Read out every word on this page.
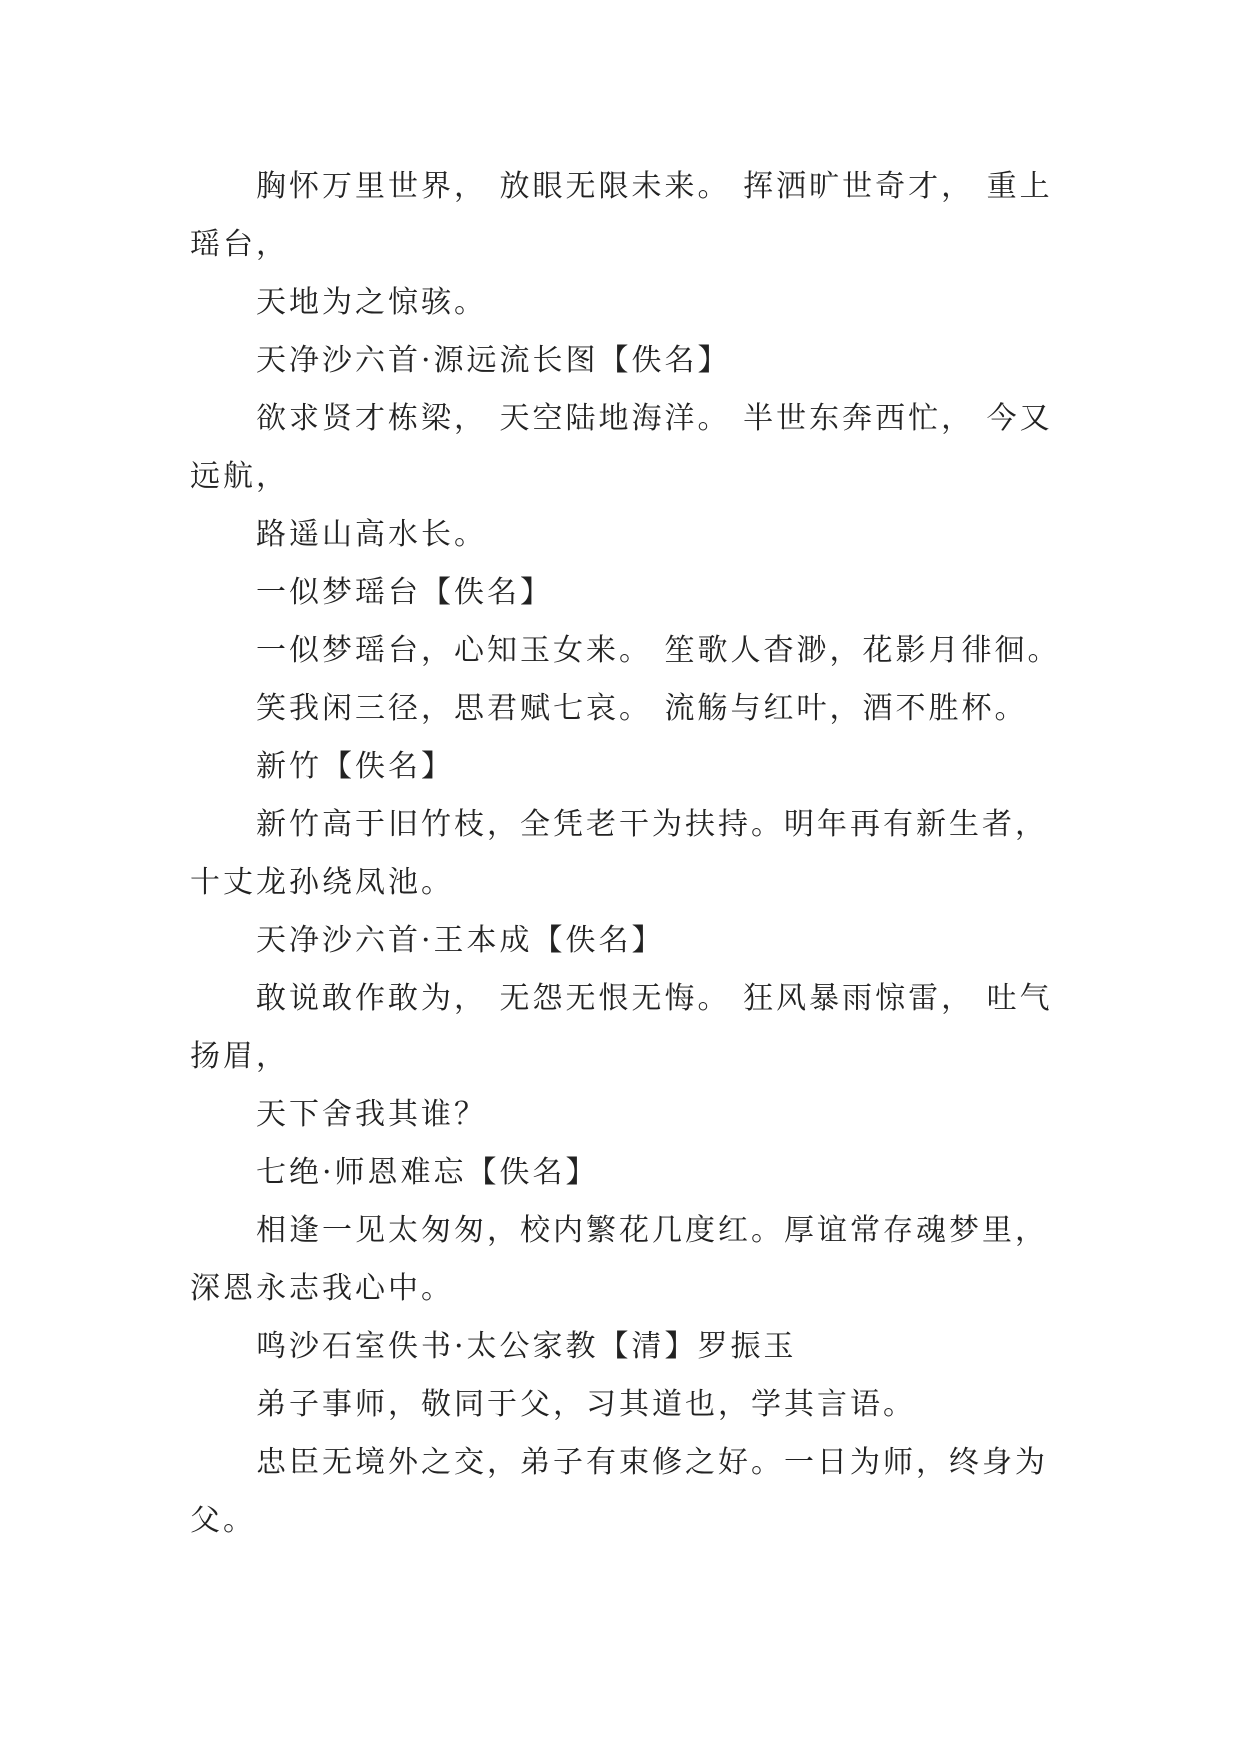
胸怀万里世界， 放眼无限未来。 挥洒旷世奇才， 重上瑶台，

天地为之惊骇。

天净沙六首·源远流长图【佚名】

欲求贤才栋梁， 天空陆地海洋。 半世东奔西忙， 今又远航，

路遥山高水长。

一似梦瑶台【佚名】

一似梦瑶台，心知玉女来。 笙歌人杳渺，花影月徘徊。

笑我闲三径，思君赋七哀。 流觞与红叶，酒不胜杯。

新竹【佚名】

新竹高于旧竹枝，全凭老干为扶持。明年再有新生者，十丈龙孙绕凤池。

天净沙六首·王本成【佚名】

敢说敢作敢为， 无怨无恨无悔。 狂风暴雨惊雷， 吐气扬眉，

天下舍我其谁？

七绝·师恩难忘【佚名】

相逢一见太匆匆，校内繁花几度红。厚谊常存魂梦里，深恩永志我心中。

鸣沙石室佚书·太公家教【清】罗振玉

弟子事师，敬同于父，习其道也，学其言语。

忠臣无境外之交，弟子有束修之好。一日为师，终身为父。
